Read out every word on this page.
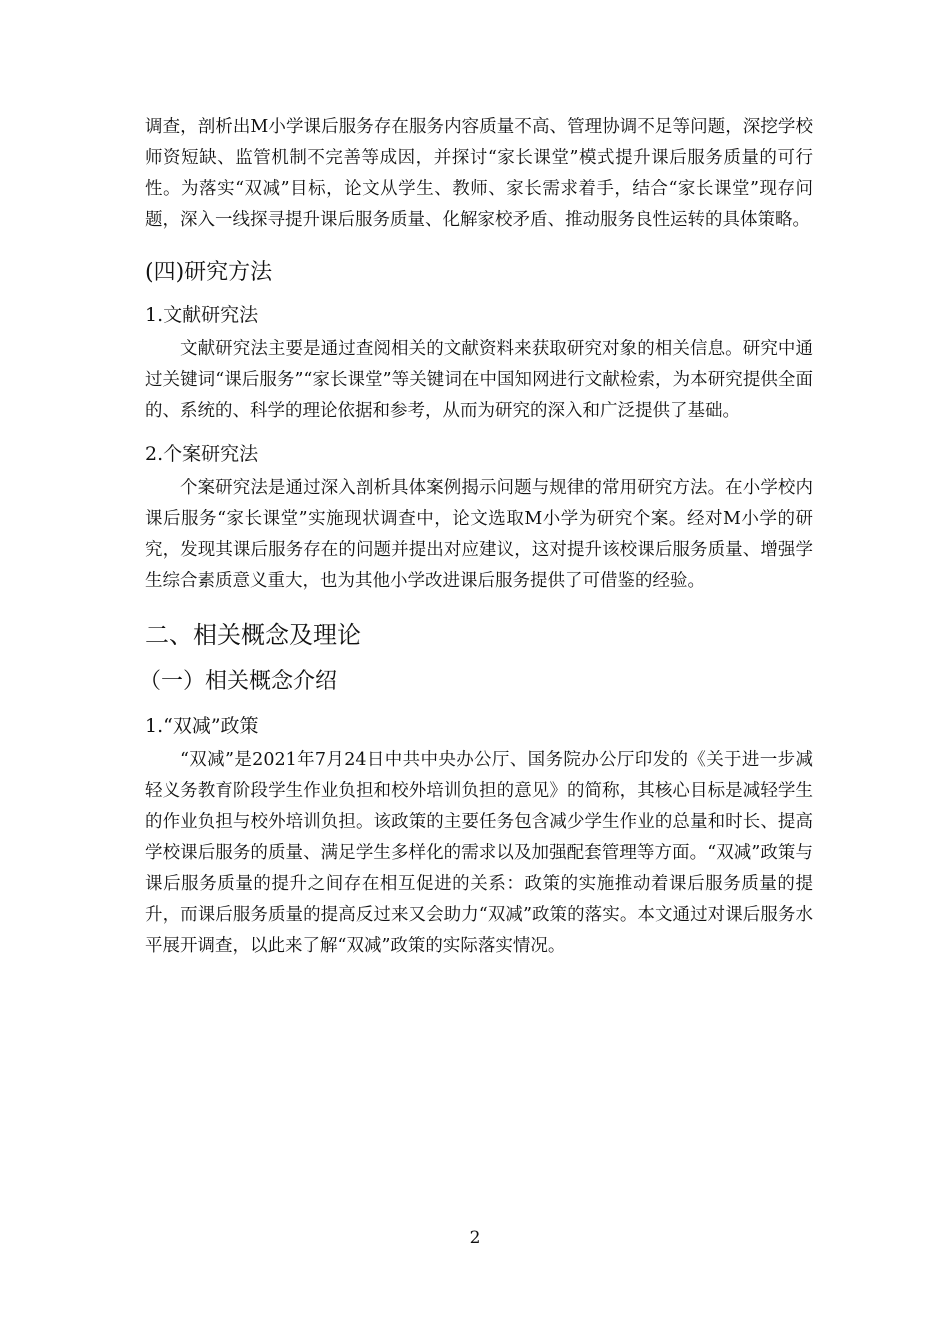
调查，剖析出M小学课后服务存在服务内容质量不高、管理协调不足等问题，深挖学校师资短缺、监管机制不完善等成因，并探讨“家长课堂”模式提升课后服务质量的可行性。为落实“双减”目标，论文从学生、教师、家长需求着手，结合“家长课堂”现存问题，深入一线探寻提升课后服务质量、化解家校矛盾、推动服务良性运转的具体策略。

(四)研究方法
1.文献研究法

文献研究法主要是通过查阅相关的文献资料来获取研究对象的相关信息。研究中通过关键词“课后服务”“家长课堂”等关键词在中国知网进行文献检索，为本研究提供全面的、系统的、科学的理论依据和参考，从而为研究的深入和广泛提供了基础。

2.个案研究法

个案研究法是通过深入剖析具体案例揭示问题与规律的常用研究方法。在小学校内课后服务“家长课堂”实施现状调查中，论文选取M小学为研究个案。经对M小学的研究，发现其课后服务存在的问题并提出对应建议，这对提升该校课后服务质量、增强学生综合素质意义重大，也为其他小学改进课后服务提供了可借鉴的经验。

二、相关概念及理论
（一）相关概念介绍
1.“双减”政策

“双减”是2021年7月24日中共中央办公厅、国务院办公厅印发的《关于进一步减轻义务教育阶段学生作业负担和校外培训负担的意见》的简称，其核心目标是减轻学生的作业负担与校外培训负担。该政策的主要任务包含减少学生作业的总量和时长、提高学校课后服务的质量、满足学生多样化的需求以及加强配套管理等方面。“双减”政策与课后服务质量的提升之间存在相互促进的关系：政策的实施推动着课后服务质量的提升，而课后服务质量的提高反过来又会助力“双减”政策的落实。本文通过对课后服务水平展开调查，以此来了解“双减”政策的实际落实情况。

2
